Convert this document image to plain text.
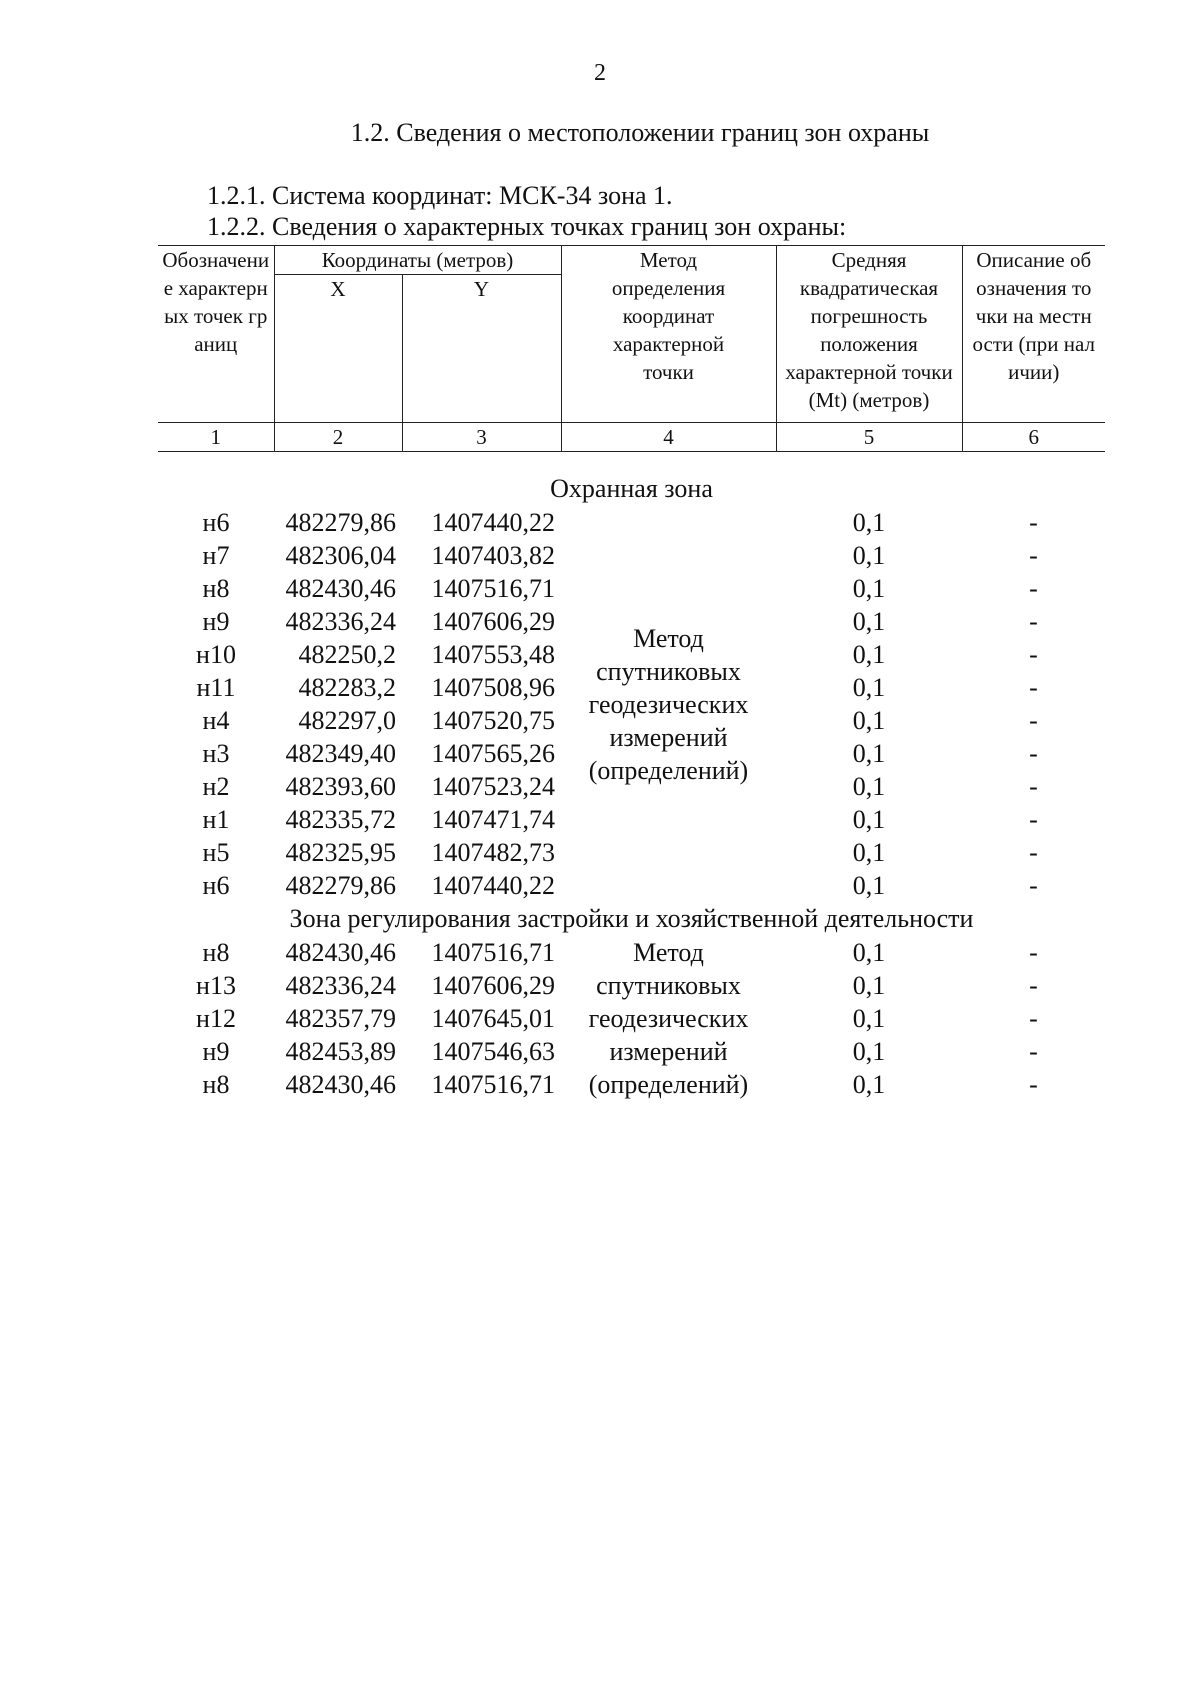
2
1.2. Сведения о местоположении границ зон охраны
1.2.1. Система координат: МСК-34 зона 1.
1.2.2. Сведения о характерных точках границ зон охраны:
Обозначение характерных точек границ	Координаты (метров)		Метод определения координат характерной точки	Средняя квадратическая погрешность положения характерной точки (Mt) (метров)	Описание обозначения точки на местности (при наличии)
	X	Y			
1	2	3	4	5	6
Охранная зона					
н6	482279,86	1407440,22	Метод спутниковых геодезических измерений (определений)	0,1	-
н7	482306,04	1407403,82		0,1	-
н8	482430,46	1407516,71		0,1	-
н9	482336,24	1407606,29		0,1	-
н10	482250,2	1407553,48		0,1	-
н11	482283,2	1407508,96		0,1	-
н4	482297,0	1407520,75		0,1	-
н3	482349,40	1407565,26		0,1	-
н2	482393,60	1407523,24		0,1	-
н1	482335,72	1407471,74		0,1	-
н5	482325,95	1407482,73		0,1	-
н6	482279,86	1407440,22		0,1	-
Зона регулирования застройки и хозяйственной деятельности					
н8	482430,46	1407516,71	Метод спутниковых геодезических измерений (определений)	0,1	-
н13	482336,24	1407606,29		0,1	-
н12	482357,79	1407645,01		0,1	-
н9	482453,89	1407546,63		0,1	-
н8	482430,46	1407516,71		0,1	-
